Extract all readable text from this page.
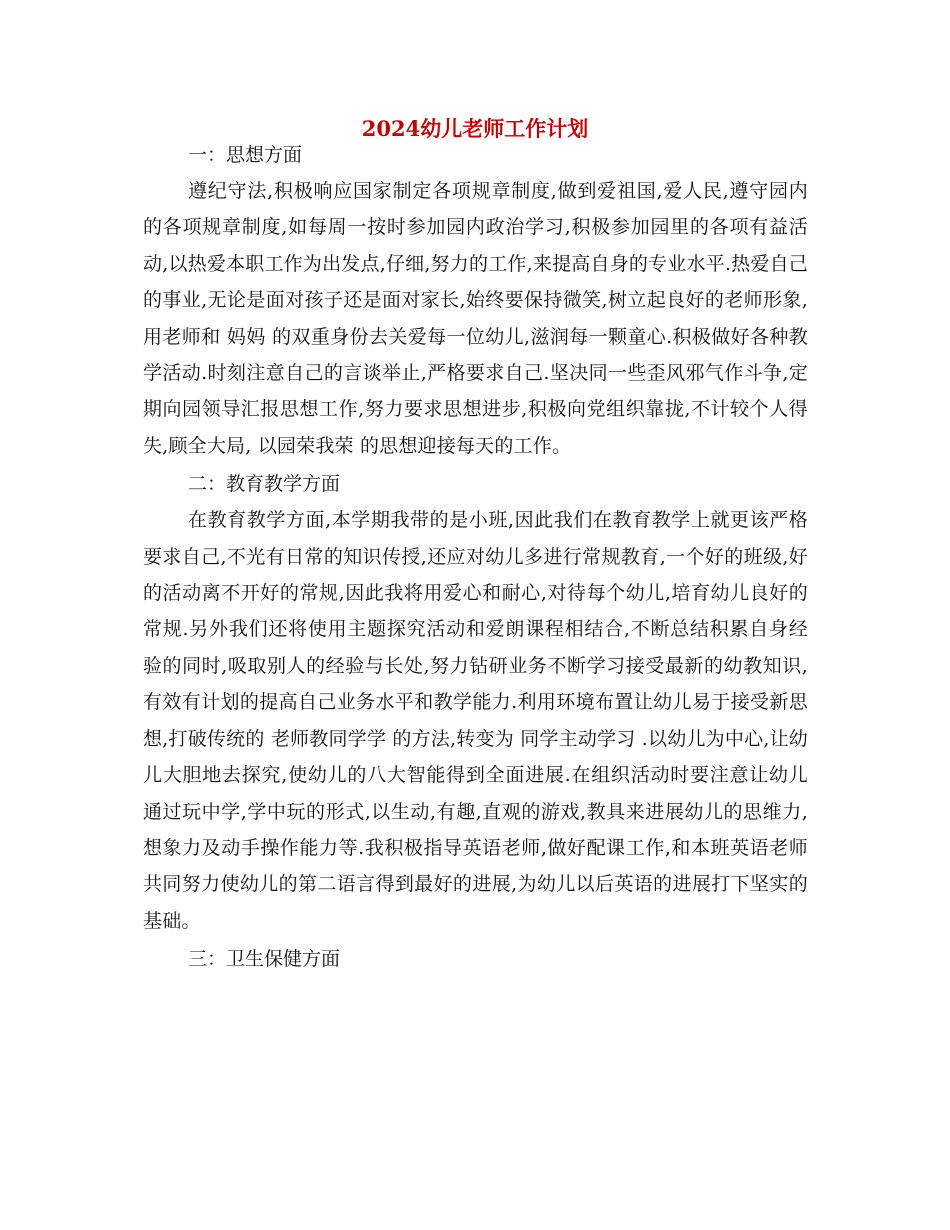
2024幼儿老师工作计划
一：思想方面

遵纪守法,积极响应国家制定各项规章制度,做到爱祖国,爱人民,遵守园内的各项规章制度,如每周一按时参加园内政治学习,积极参加园里的各项有益活动,以热爱本职工作为出发点,仔细,努力的工作,来提高自身的专业水平.热爱自己的事业,无论是面对孩子还是面对家长,始终要保持微笑,树立起良好的老师形象,用老师和 妈妈 的双重身份去关爱每一位幼儿,滋润每一颗童心.积极做好各种教学活动.时刻注意自己的言谈举止,严格要求自己.坚决同一些歪风邪气作斗争,定期向园领导汇报思想工作,努力要求思想进步,积极向党组织靠拢,不计较个人得失,顾全大局, 以园荣我荣 的思想迎接每天的工作。

二：教育教学方面

在教育教学方面,本学期我带的是小班,因此我们在教育教学上就更该严格要求自己,不光有日常的知识传授,还应对幼儿多进行常规教育,一个好的班级,好的活动离不开好的常规,因此我将用爱心和耐心,对待每个幼儿,培育幼儿良好的常规.另外我们还将使用主题探究活动和爱朗课程相结合,不断总结积累自身经验的同时,吸取别人的经验与长处,努力钻研业务不断学习接受最新的幼教知识,有效有计划的提高自己业务水平和教学能力.利用环境布置让幼儿易于接受新思想,打破传统的 老师教同学学 的方法,转变为 同学主动学习 .以幼儿为中心,让幼儿大胆地去探究,使幼儿的八大智能得到全面进展.在组织活动时要注意让幼儿通过玩中学,学中玩的形式,以生动,有趣,直观的游戏,教具来进展幼儿的思维力,想象力及动手操作能力等.我积极指导英语老师,做好配课工作,和本班英语老师共同努力使幼儿的第二语言得到最好的进展,为幼儿以后英语的进展打下坚实的基础。

三：卫生保健方面
